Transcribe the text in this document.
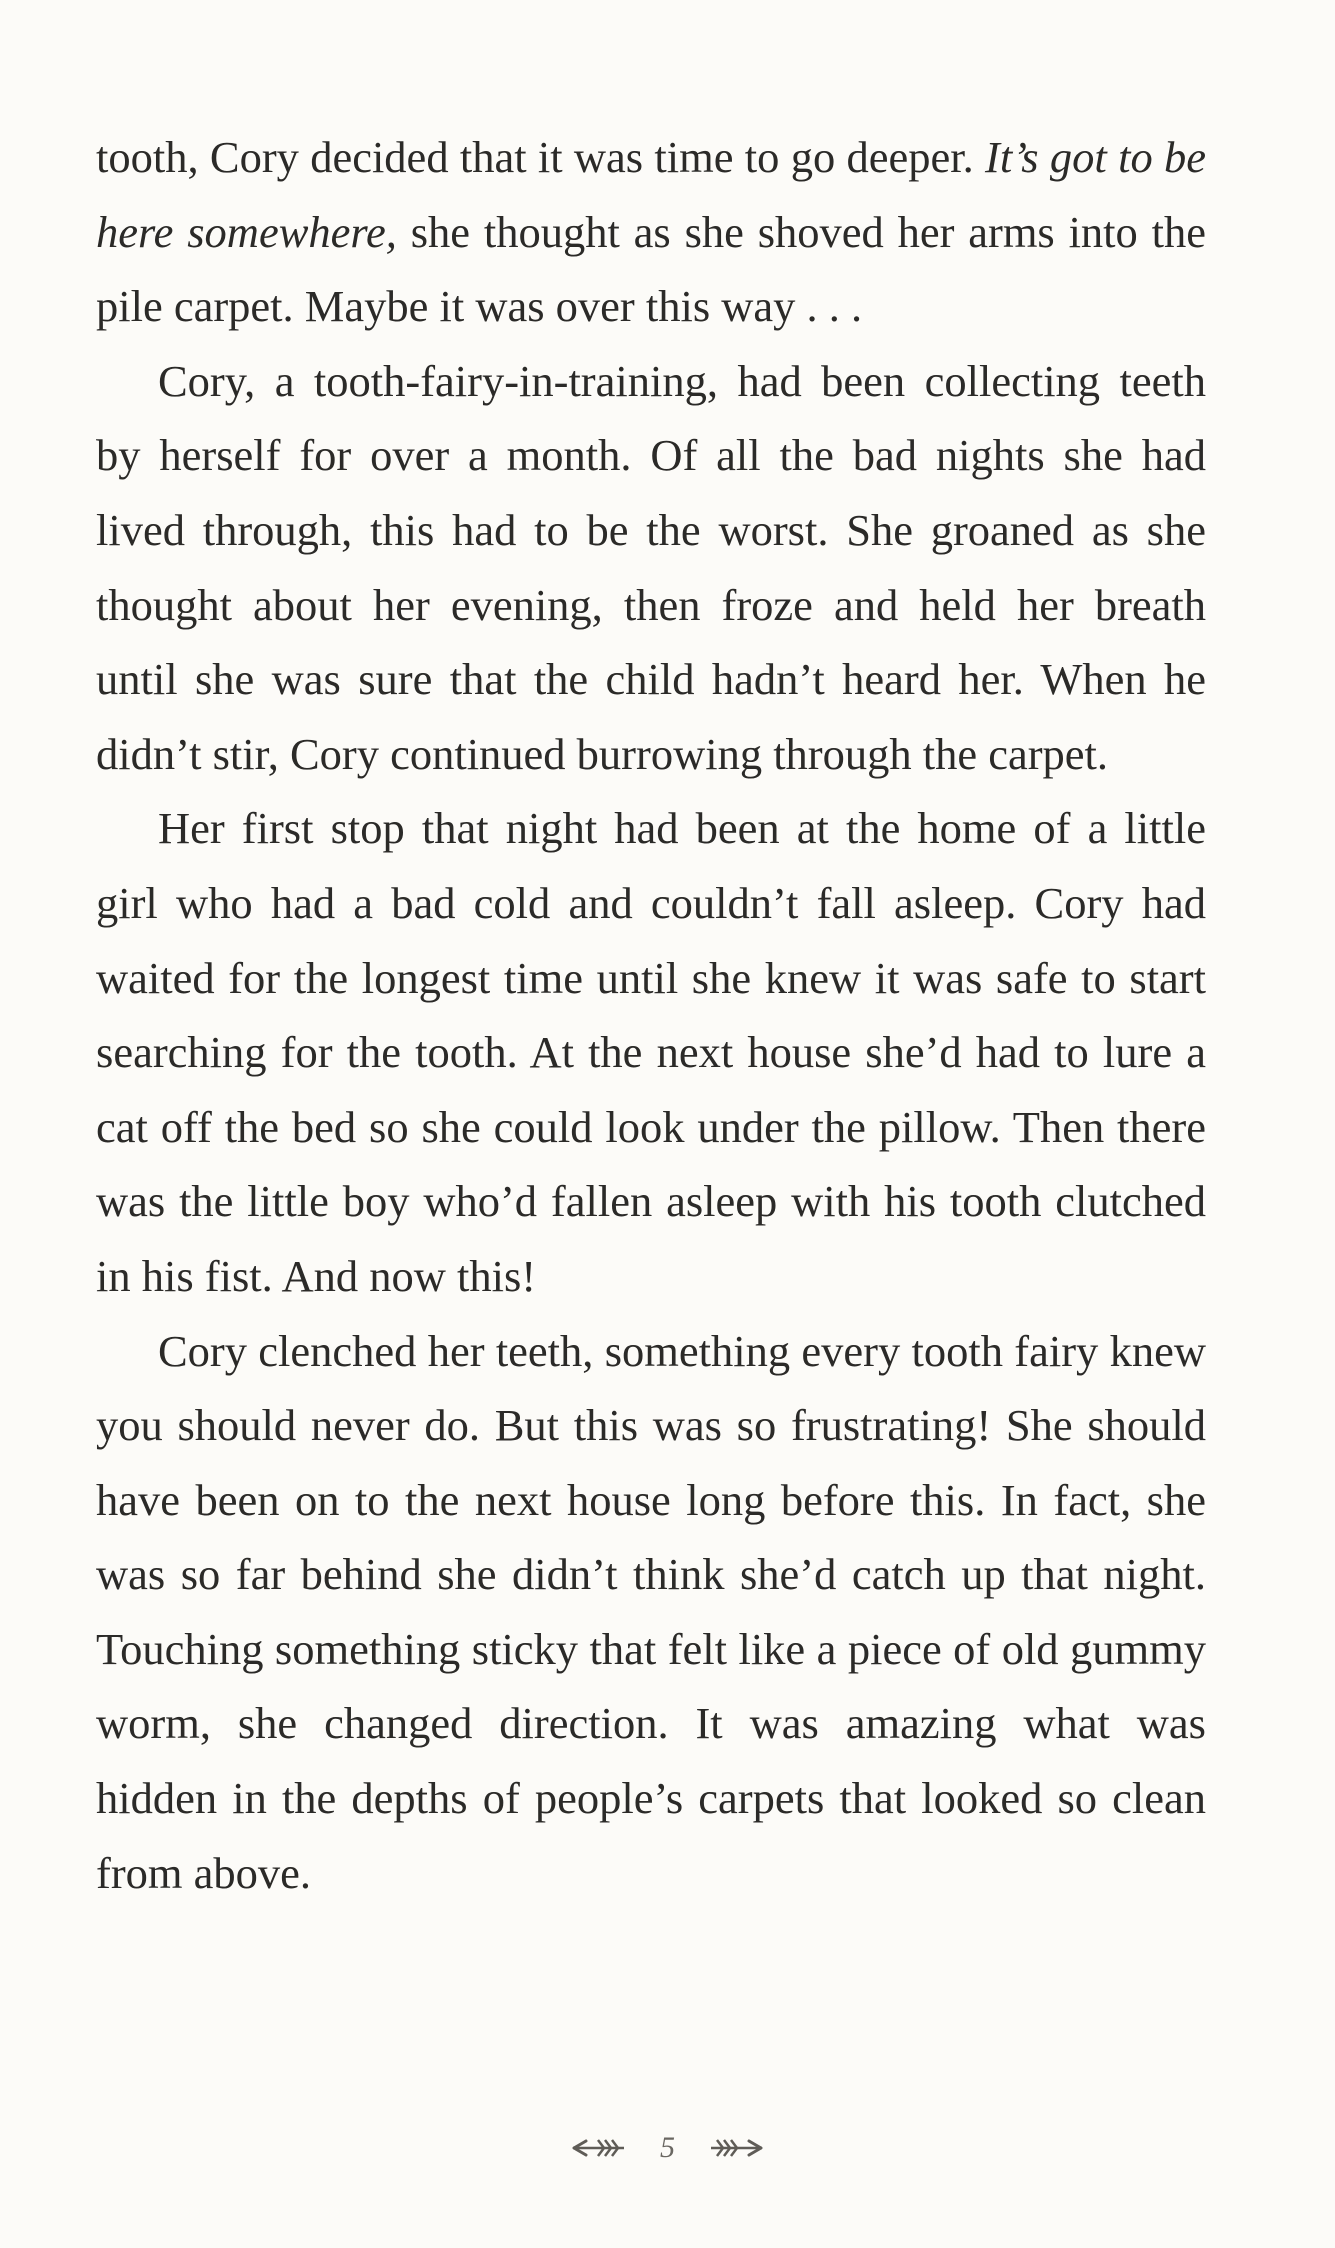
tooth, Cory decided that it was time to go deeper. It’s got to be here somewhere, she thought as she shoved her arms into the pile carpet. Maybe it was over this way . . .

Cory, a tooth-fairy-in-training, had been collecting teeth by herself for over a month. Of all the bad nights she had lived through, this had to be the worst. She groaned as she thought about her evening, then froze and held her breath until she was sure that the child hadn’t heard her. When he didn’t stir, Cory continued burrowing through the carpet.

Her first stop that night had been at the home of a little girl who had a bad cold and couldn’t fall asleep. Cory had waited for the longest time until she knew it was safe to start searching for the tooth. At the next house she’d had to lure a cat off the bed so she could look under the pillow. Then there was the little boy who’d fallen asleep with his tooth clutched in his fist. And now this!

Cory clenched her teeth, something every tooth fairy knew you should never do. But this was so frustrating! She should have been on to the next house long before this. In fact, she was so far behind she didn’t think she’d catch up that night. Touching something sticky that felt like a piece of old gummy worm, she changed direction. It was amazing what was hidden in the depths of people’s carpets that looked so clean from above.

5
